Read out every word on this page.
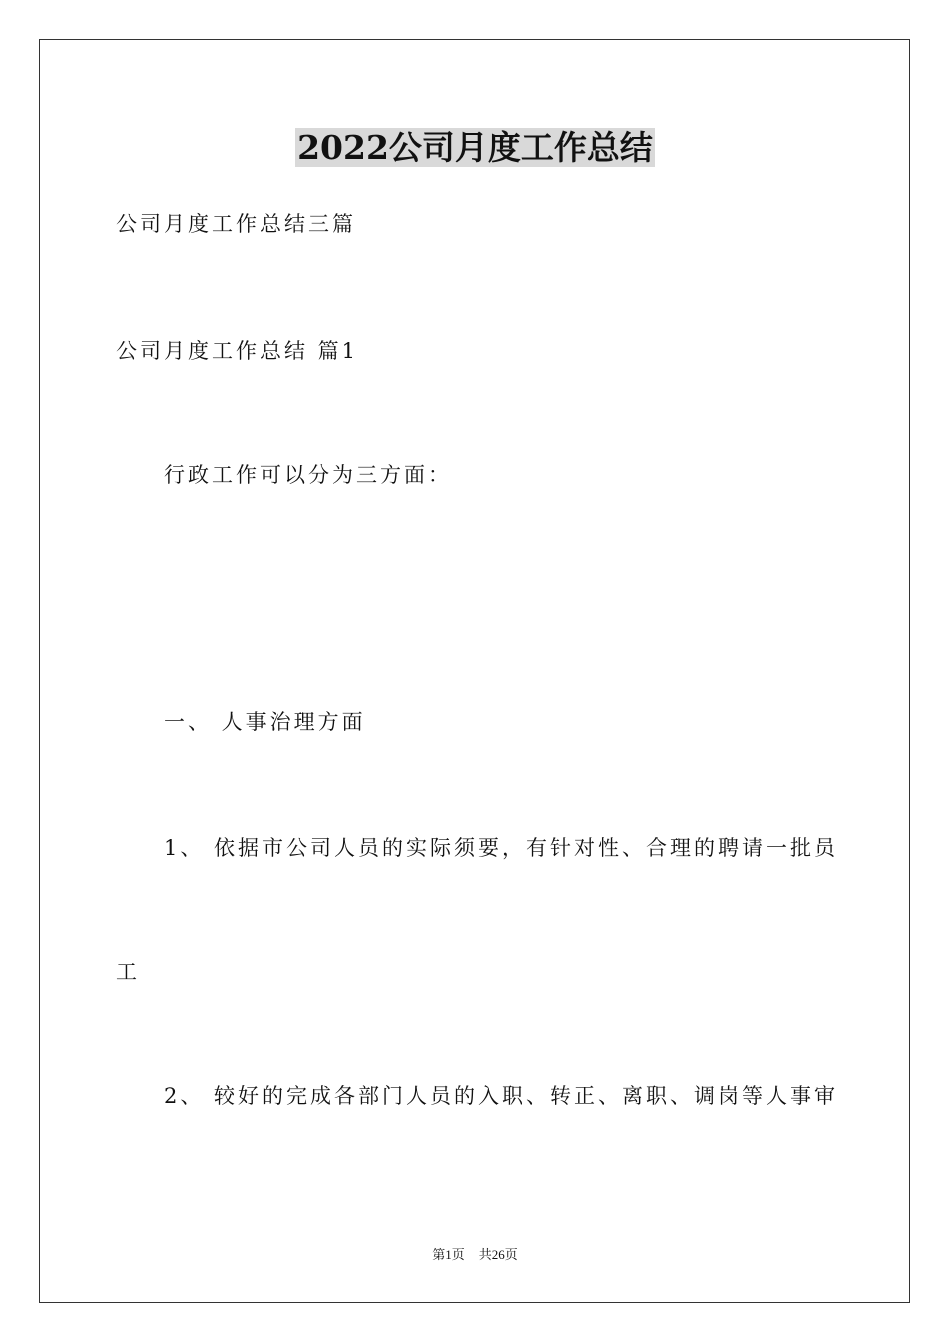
2022公司月度工作总结
公司月度工作总结三篇
公司月度工作总结 篇1
行政工作可以分为三方面：
一、 人事治理方面
1、 依据市公司人员的实际须要，有针对性、合理的聘请一批员
工
2、 较好的完成各部门人员的入职、转正、离职、调岗等人事审
第1页 共26页
